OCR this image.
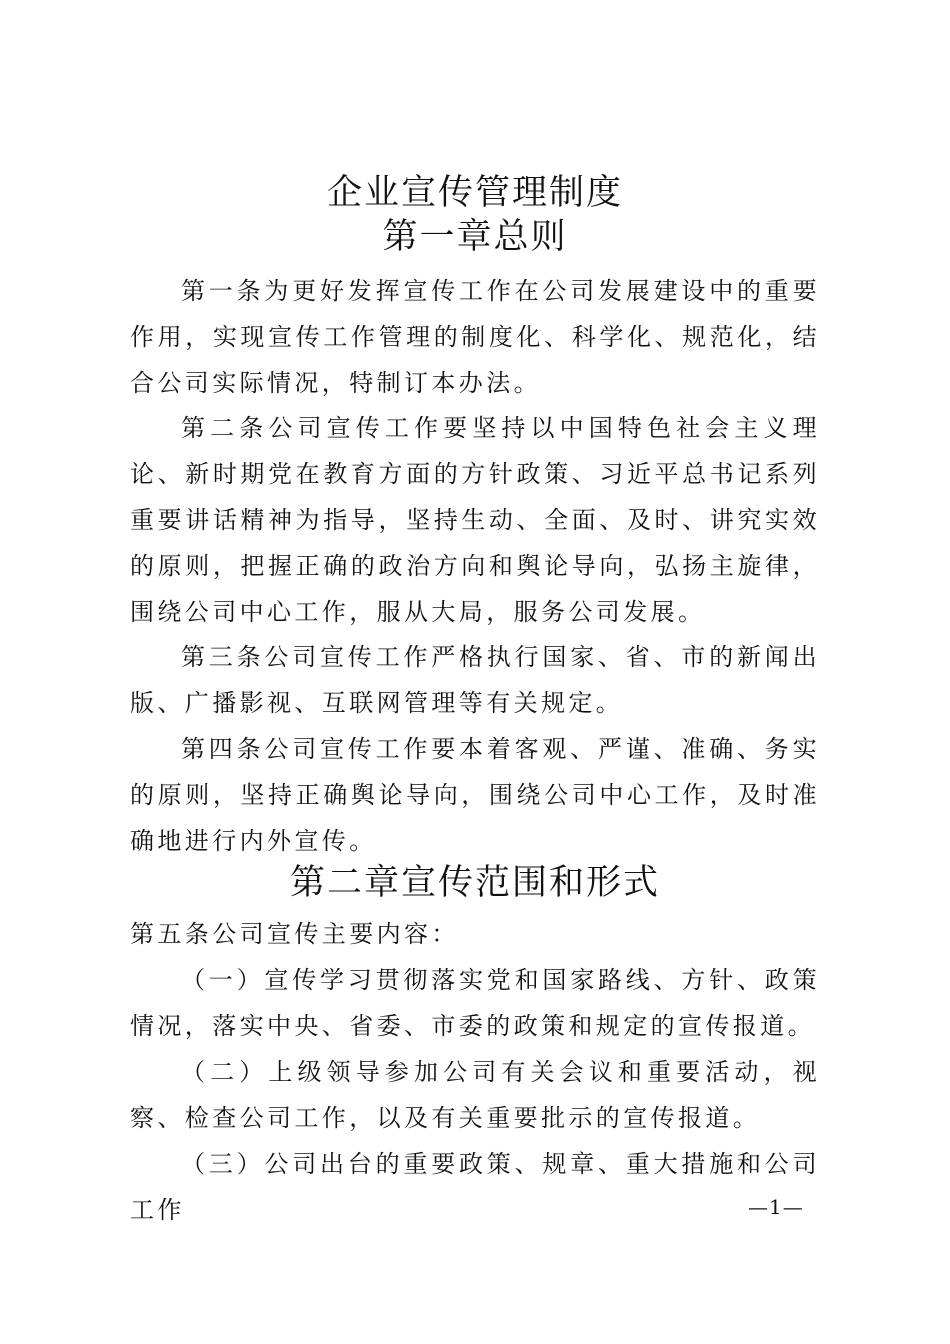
企业宣传管理制度
第一章总则

第一条为更好发挥宣传工作在公司发展建设中的重要作用，实现宣传工作管理的制度化、科学化、规范化，结合公司实际情况，特制订本办法。

第二条公司宣传工作要坚持以中国特色社会主义理论、新时期党在教育方面的方针政策、习近平总书记系列重要讲话精神为指导，坚持生动、全面、及时、讲究实效的原则，把握正确的政治方向和舆论导向，弘扬主旋律，围绕公司中心工作，服从大局，服务公司发展。

第三条公司宣传工作严格执行国家、省、市的新闻出版、广播影视、互联网管理等有关规定。

第四条公司宣传工作要本着客观、严谨、准确、务实的原则，坚持正确舆论导向，围绕公司中心工作，及时准确地进行内外宣传。

第二章宣传范围和形式

第五条公司宣传主要内容：

（一）宣传学习贯彻落实党和国家路线、方针、政策情况，落实中央、省委、市委的政策和规定的宣传报道。

（二）上级领导参加公司有关会议和重要活动，视察、检查公司工作，以及有关重要批示的宣传报道。

（三）公司出台的重要政策、规章、重大措施和公司工作	—1—
